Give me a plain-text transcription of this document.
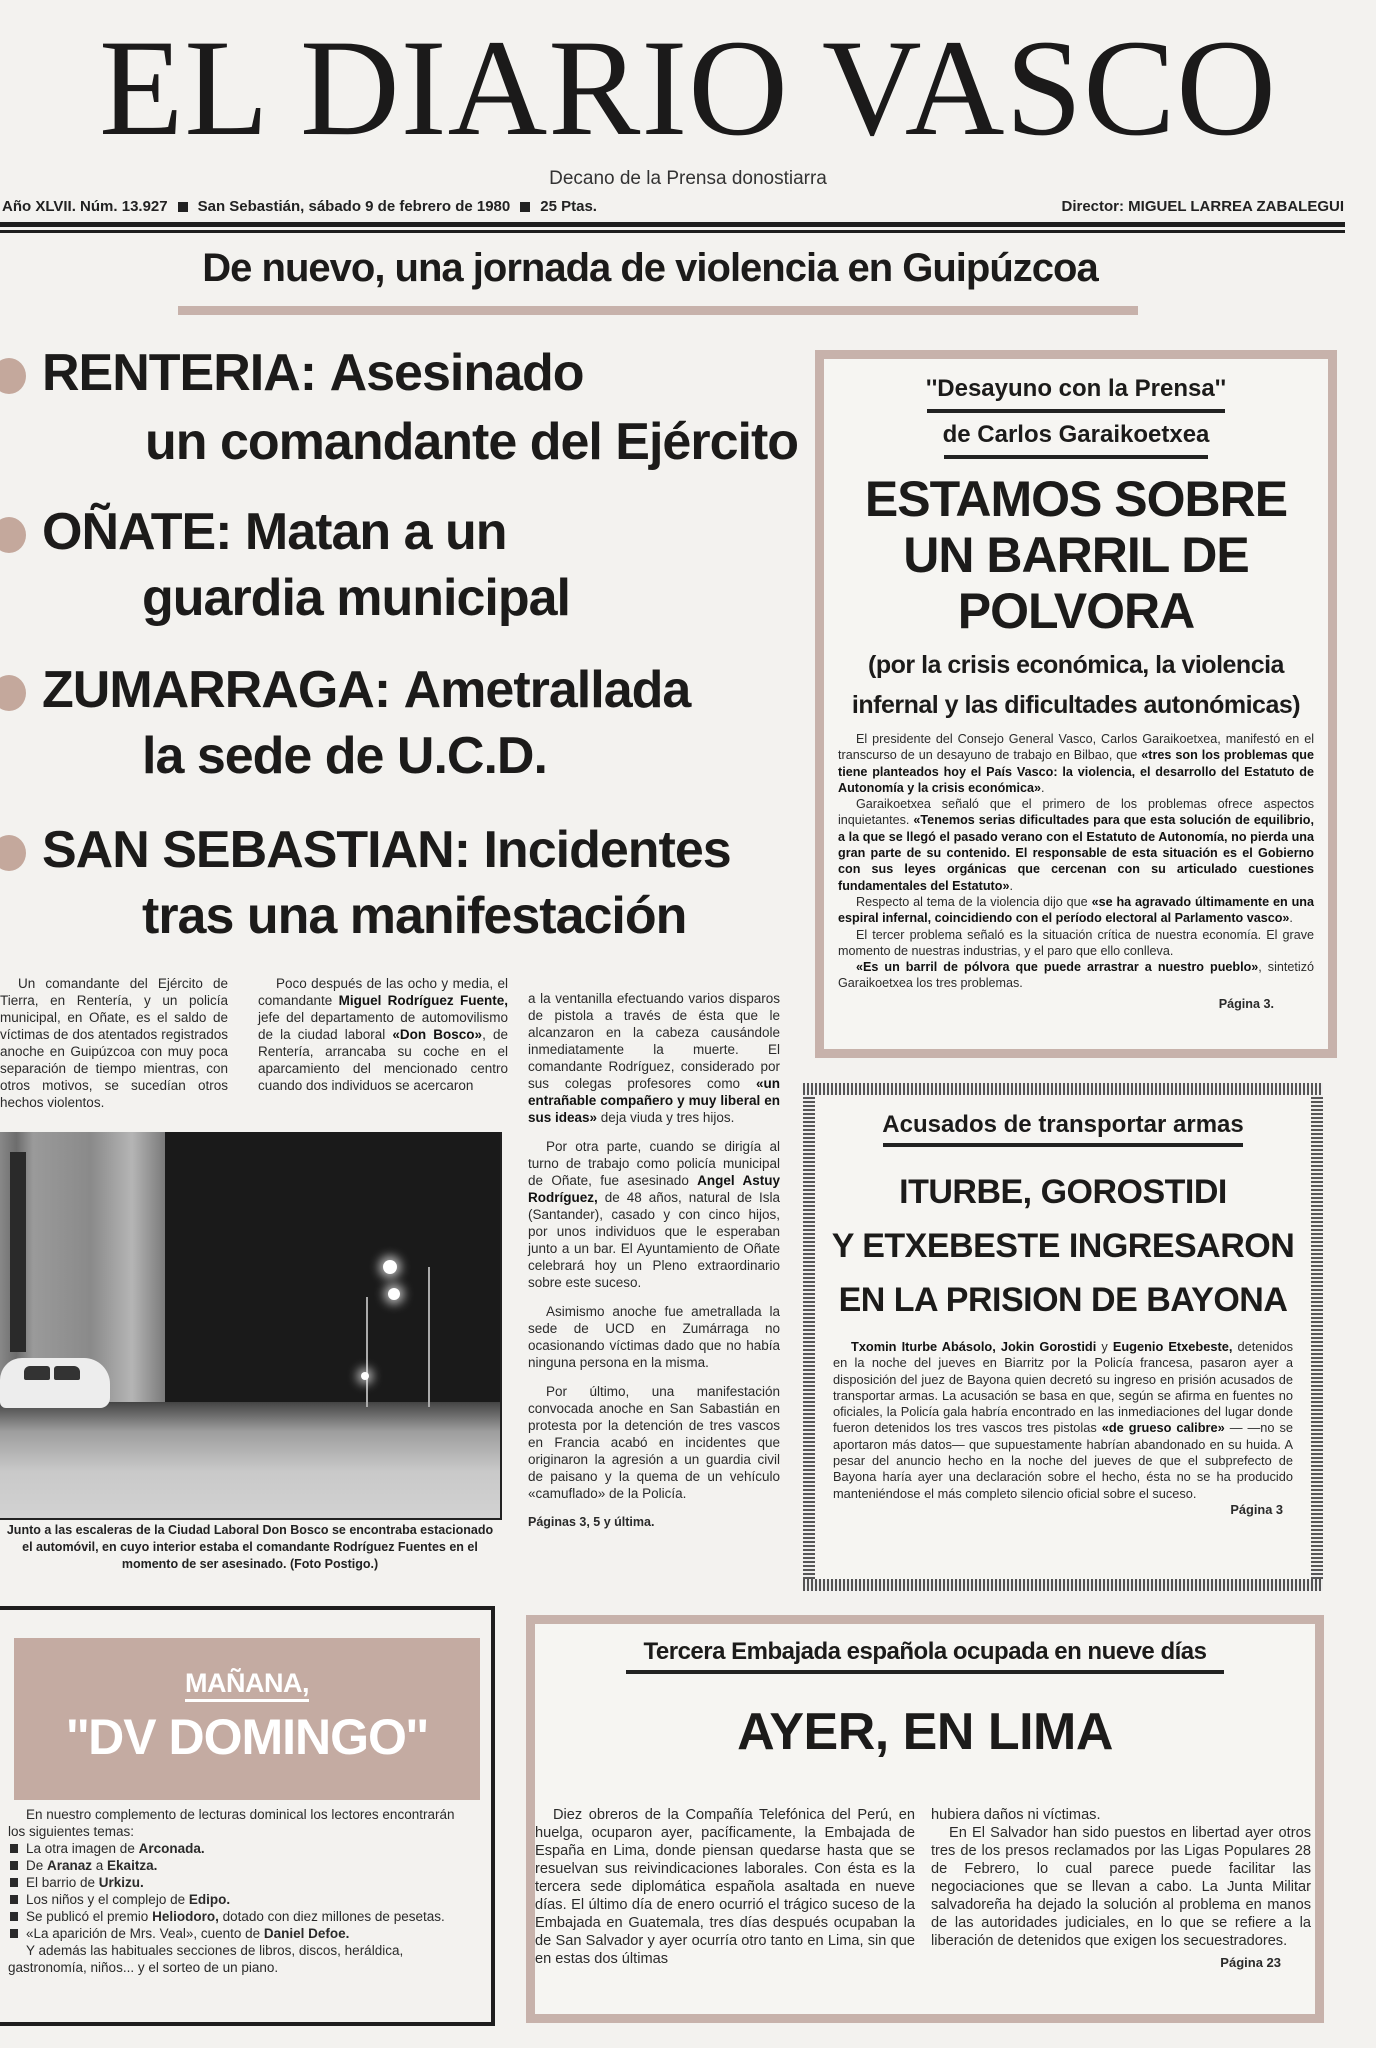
EL DIARIO VASCO
Decano de la Prensa donostiarra
Año XLVII. Núm. 13.927 San Sebastián, sábado 9 de febrero de 1980 25 Ptas.	Director: MIGUEL LARREA ZABALEGUI
De nuevo, una jornada de violencia en Guipúzcoa
RENTERIA: Asesinado
un comandante del Ejército
OÑATE: Matan a un
guardia municipal
ZUMARRAGA: Ametrallada
la sede de U.C.D.
SAN SEBASTIAN: Incidentes
tras una manifestación

Un comandante del Ejército de Tierra, en Rentería, y un policía municipal, en Oñate, es el saldo de víctimas de dos atentados registrados anoche en Guipúzcoa con muy poca separación de tiempo mientras, con otros motivos, se sucedían otros hechos violentos.

Poco después de las ocho y media, el comandante Miguel Rodríguez Fuente, jefe del departamento de automovilismo de la ciudad laboral «Don Bosco», de Rentería, arrancaba su coche en el aparcamiento del mencionado centro cuando dos individuos se acercaron

a la ventanilla efectuando varios disparos de pistola a través de ésta que le alcanzaron en la cabeza causándole inmediatamente la muerte. El comandante Rodríguez, considerado por sus colegas profesores como «un entrañable compañero y muy liberal en sus ideas» deja viuda y tres hijos.

Por otra parte, cuando se dirigía al turno de trabajo como policía municipal de Oñate, fue asesinado Angel Astuy Rodríguez, de 48 años, natural de Isla (Santander), casado y con cinco hijos, por unos individuos que le esperaban junto a un bar. El Ayuntamiento de Oñate celebrará hoy un Pleno extraordinario sobre este suceso.

Asimismo anoche fue ametrallada la sede de UCD en Zumárraga no ocasionando víctimas dado que no había ninguna persona en la misma.

Por último, una manifestación convocada anoche en San Sabastián en protesta por la detención de tres vascos en Francia acabó en incidentes que originaron la agresión a un guardia civil de paisano y la quema de un vehículo «camuflado» de la Policía.

Páginas 3, 5 y última.

Junto a las escaleras de la Ciudad Laboral Don Bosco se encontraba estacionado el automóvil, en cuyo interior estaba el comandante Rodríguez Fuentes en el momento de ser asesinado. (Foto Postigo.)
''Desayuno con la Prensa''
de Carlos Garaikoetxea
ESTAMOS SOBRE UN BARRIL DE POLVORA
(por la crisis económica, la violencia infernal y las dificultades autonómicas)

El presidente del Consejo General Vasco, Carlos Garaikoetxea, manifestó en el transcurso de un desayuno de trabajo en Bilbao, que «tres son los problemas que tiene planteados hoy el País Vasco: la violencia, el desarrollo del Estatuto de Autonomía y la crisis económica».

Garaikoetxea señaló que el primero de los problemas ofrece aspectos inquietantes. «Tenemos serias dificultades para que esta solución de equilibrio, a la que se llegó el pasado verano con el Estatuto de Autonomía, no pierda una gran parte de su contenido. El responsable de esta situación es el Gobierno con sus leyes orgánicas que cercenan con su articulado cuestiones fundamentales del Estatuto».

Respecto al tema de la violencia dijo que «se ha agravado últimamente en una espiral infernal, coincidiendo con el período electoral al Parlamento vasco».

El tercer problema señaló es la situación crítica de nuestra economía. El grave momento de nuestras industrias, y el paro que ello conlleva.

«Es un barril de pólvora que puede arrastrar a nuestro pueblo», sintetizó Garaikoetxea los tres problemas.

Página 3.

Acusados de transportar armas
ITURBE, GOROSTIDI
Y ETXEBESTE INGRESARON
EN LA PRISION DE BAYONA

Txomin Iturbe Abásolo, Jokin Gorostidi y Eugenio Etxebeste, detenidos en la noche del jueves en Biarritz por la Policía francesa, pasaron ayer a disposición del juez de Bayona quien decretó su ingreso en prisión acusados de transportar armas. La acusación se basa en que, según se afirma en fuentes no oficiales, la Policía gala habría encontrado en las inmediaciones del lugar donde fueron detenidos los tres vascos tres pistolas «de grueso calibre» — —no se aportaron más datos— que supuestamente habrían abandonado en su huida. A pesar del anuncio hecho en la noche del jueves de que el subprefecto de Bayona haría ayer una declaración sobre el hecho, ésta no se ha producido manteniéndose el más completo silencio oficial sobre el suceso.

Página 3

MAÑANA,
''DV DOMINGO''

En nuestro complemento de lecturas dominical los lectores encontrarán los siguientes temas:

La otra imagen de Arconada.
De Aranaz a Ekaitza.
El barrio de Urkizu.
Los niños y el complejo de Edipo.
Se publicó el premio Heliodoro, dotado con diez millones de pesetas.
«La aparición de Mrs. Veal», cuento de Daniel Defoe.

Y además las habituales secciones de libros, discos, heráldica, gastronomía, niños... y el sorteo de un piano.

Tercera Embajada española ocupada en nueve días
AYER, EN LIMA

Diez obreros de la Compañía Telefónica del Perú, en huelga, ocuparon ayer, pacíficamente, la Embajada de España en Lima, donde piensan quedarse hasta que se resuelvan sus reivindicaciones laborales. Con ésta es la tercera sede diplomática española asaltada en nueve días. El último día de enero ocurrió el trágico suceso de la Embajada en Guatemala, tres días después ocupaban la de San Salvador y ayer ocurría otro tanto en Lima, sin que en estas dos últimas

hubiera daños ni víctimas.

En El Salvador han sido puestos en libertad ayer otros tres de los presos reclamados por las Ligas Populares 28 de Febrero, lo cual parece puede facilitar las negociaciones que se llevan a cabo. La Junta Militar salvadoreña ha dejado la solución al problema en manos de las autoridades judiciales, en lo que se refiere a la liberación de detenidos que exigen los secuestradores.

Página 23
